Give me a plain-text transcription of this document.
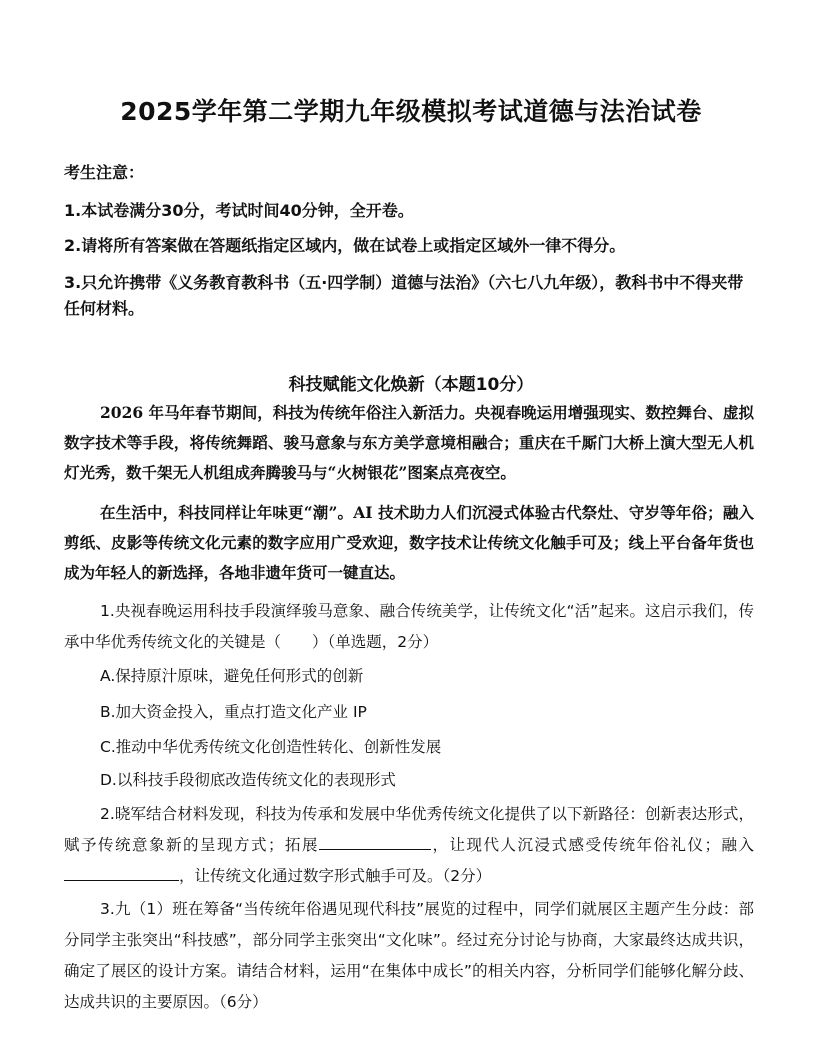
2025学年第二学期九年级模拟考试道德与法治试卷
考生注意：
1.本试卷满分30分，考试时间40分钟，全开卷。
2.请将所有答案做在答题纸指定区域内，做在试卷上或指定区域外一律不得分。
3.只允许携带《义务教育教科书（五·四学制）道德与法治》（六七八九年级），教科书中不得夹带任何材料。
科技赋能文化焕新（本题10分）
2026 年马年春节期间，科技为传统年俗注入新活力。央视春晚运用增强现实、数控舞台、虚拟数字技术等手段，将传统舞蹈、骏马意象与东方美学意境相融合；重庆在千厮门大桥上演大型无人机灯光秀，数千架无人机组成奔腾骏马与“火树银花”图案点亮夜空。
在生活中，科技同样让年味更“潮”。AI 技术助力人们沉浸式体验古代祭灶、守岁等年俗；融入剪纸、皮影等传统文化元素的数字应用广受欢迎，数字技术让传统文化触手可及；线上平台备年货也成为年轻人的新选择，各地非遗年货可一键直达。
1.央视春晚运用科技手段演绎骏马意象、融合传统美学，让传统文化“活”起来。这启示我们，传承中华优秀传统文化的关键是（　　）（单选题，2分）
A.保持原汁原味，避免任何形式的创新
B.加大资金投入，重点打造文化产业 IP
C.推动中华优秀传统文化创造性转化、创新性发展
D.以科技手段彻底改造传统文化的表现形式
2.晓军结合材料发现，科技为传承和发展中华优秀传统文化提供了以下新路径：创新表达形式，赋予传统意象新的呈现方式；拓展	，让现代人沉浸式感受传统年俗礼仪；融入，让传统文化通过数字形式触手可及。（2分）
3.九（1）班在筹备“当传统年俗遇见现代科技”展览的过程中，同学们就展区主题产生分歧：部分同学主张突出“科技感”，部分同学主张突出“文化味”。经过充分讨论与协商，大家最终达成共识，确定了展区的设计方案。请结合材料，运用“在集体中成长”的相关内容，分析同学们能够化解分歧、达成共识的主要原因。（6分）
